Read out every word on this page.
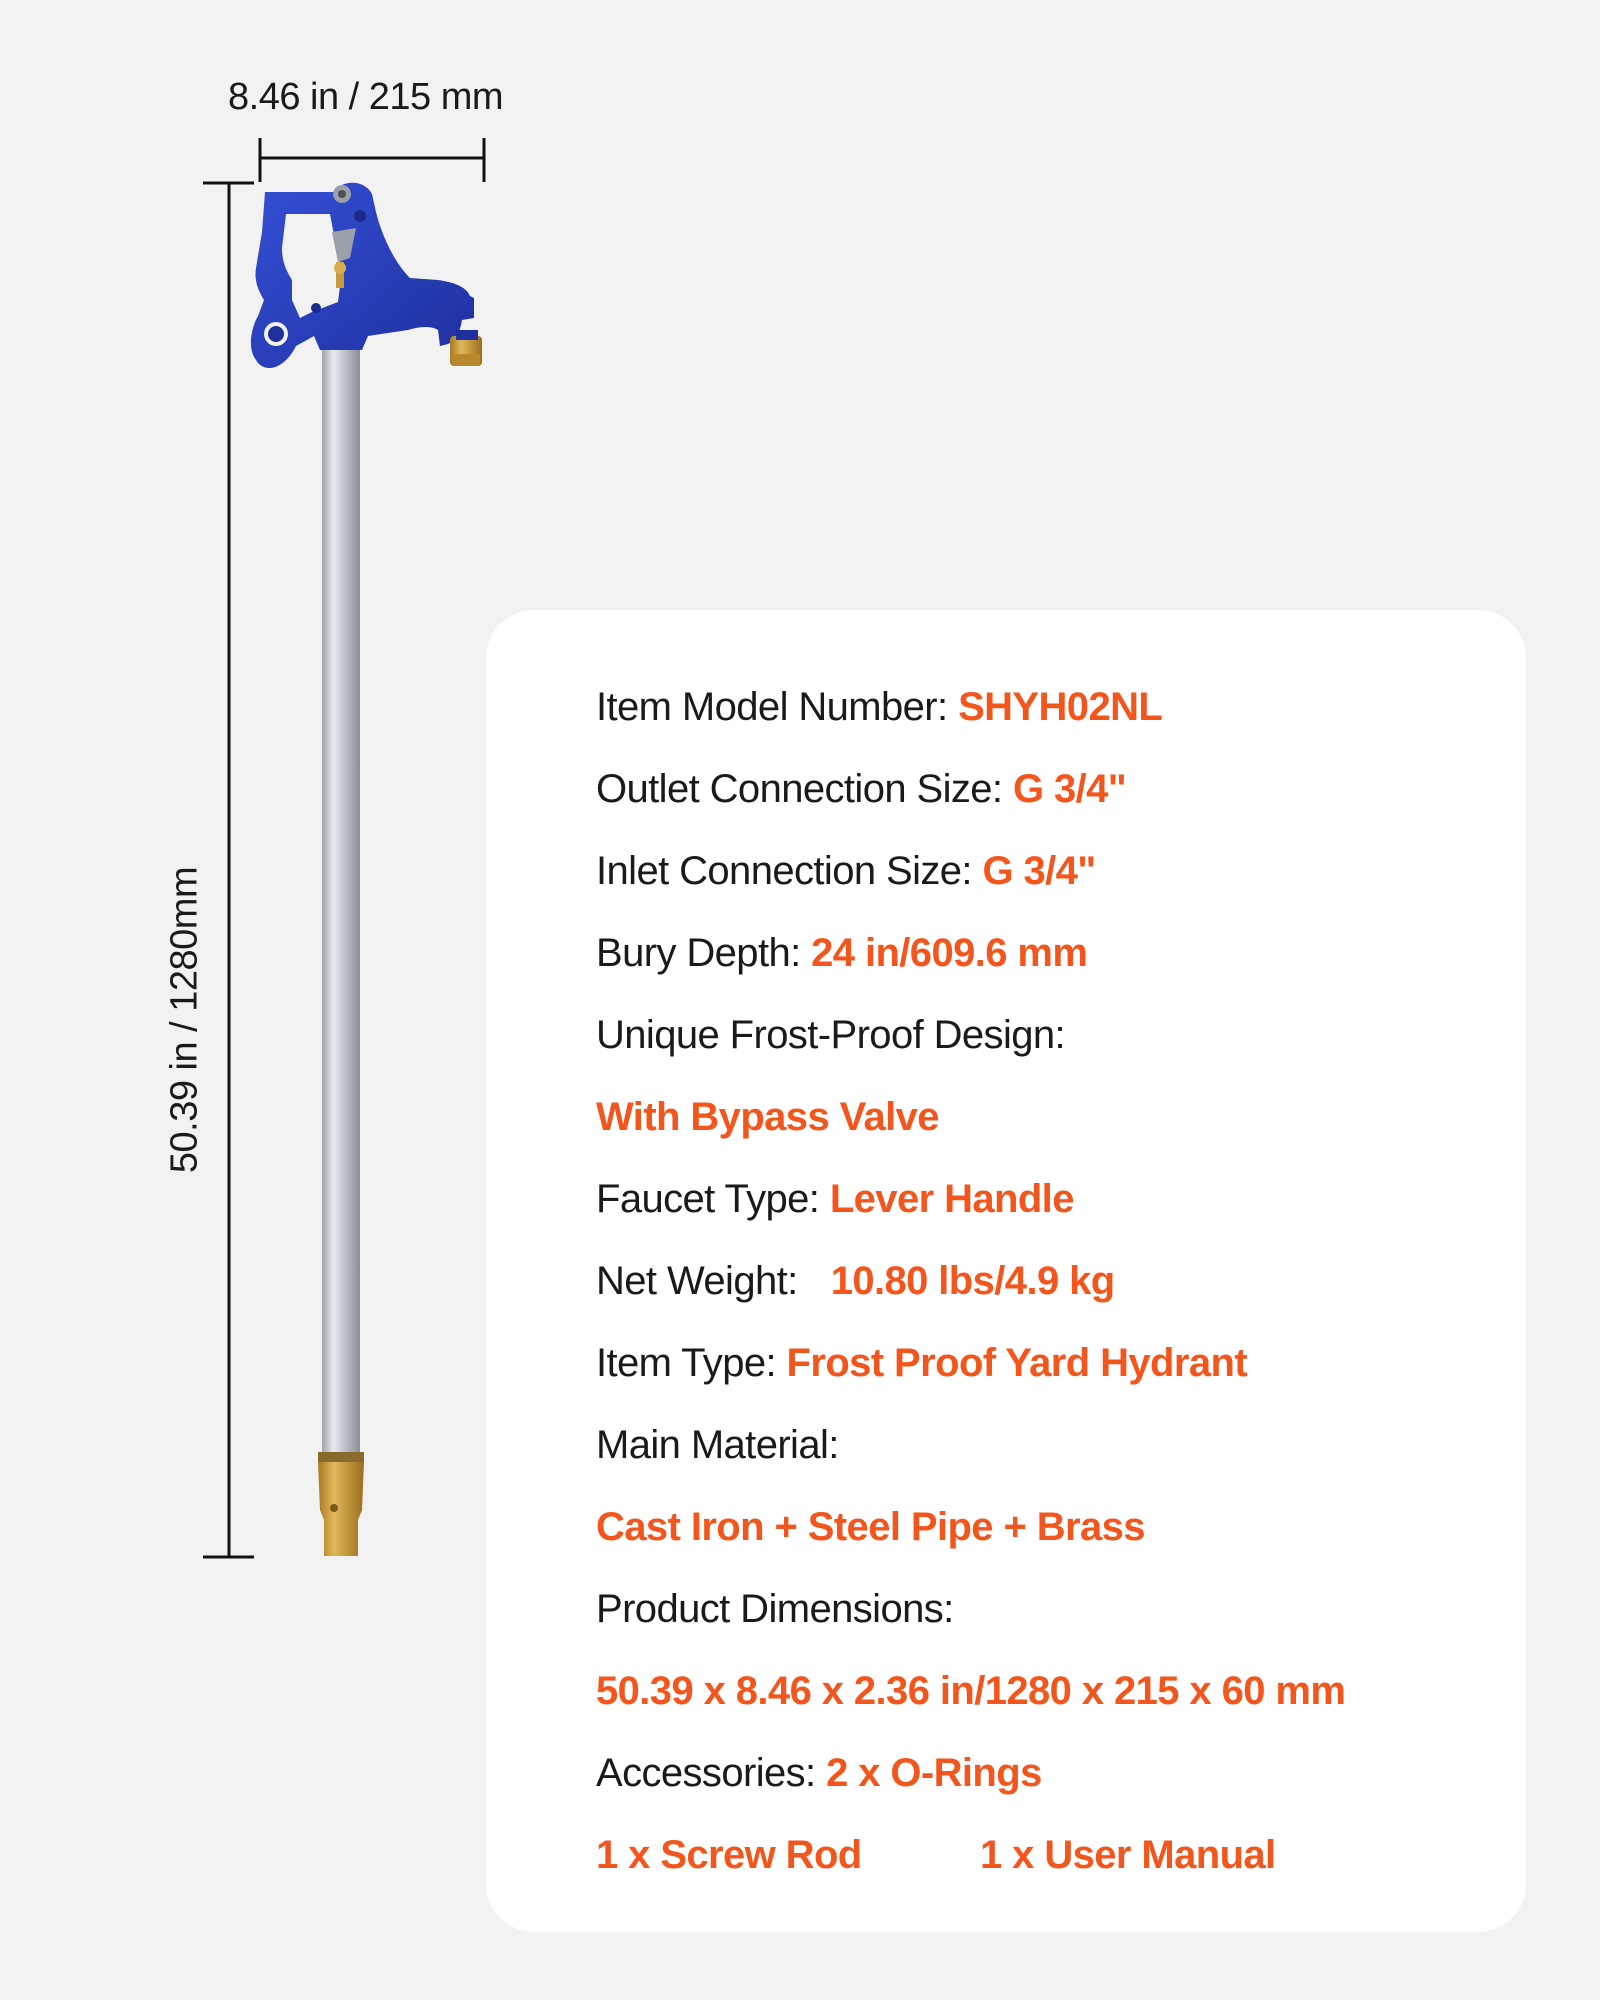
8.46 in / 215 mm
50.39 in / 1280mm
Item Model Number: SHYH02NL
Outlet Connection Size: G 3/4"
Inlet Connection Size: G 3/4"
Bury Depth: 24 in/609.6 mm
Unique Frost-Proof Design:
With Bypass Valve
Faucet Type: Lever Handle
Net Weight: 10.80 lbs/4.9 kg
Item Type: Frost Proof Yard Hydrant
Main Material:
Cast Iron + Steel Pipe + Brass
Product Dimensions:
50.39 x 8.46 x 2.36 in/1280 x 215 x 60 mm
Accessories: 2 x O-Rings
1 x Screw Rod	1 x User Manual
